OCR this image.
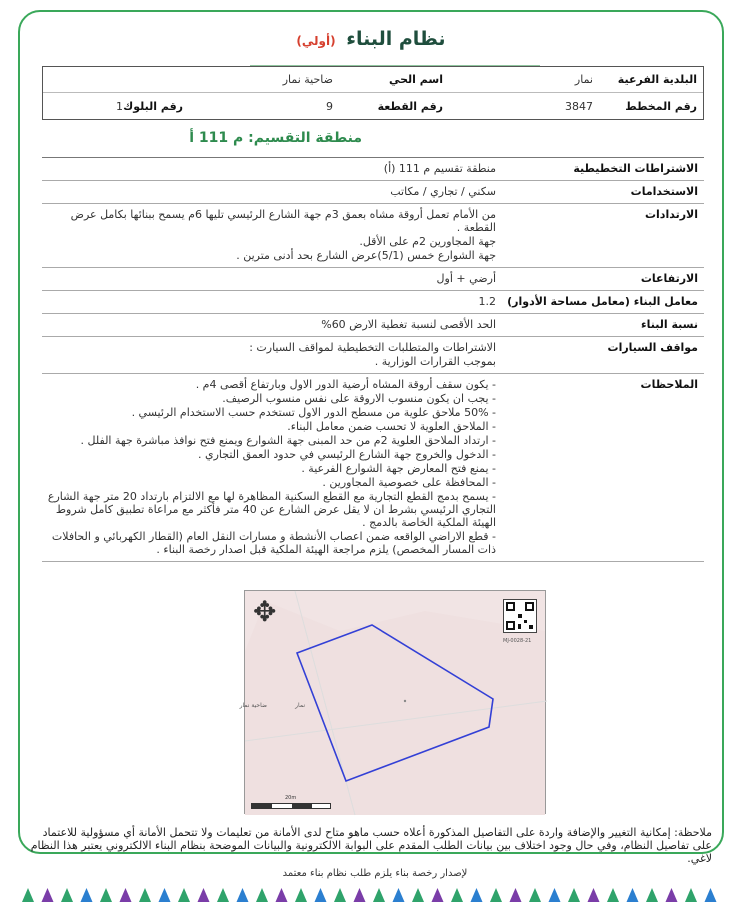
نظام البناء (أولي)
البلدية الفرعية
نمار
اسم الحي
ضاحية نمار
رقم المخطط
3847
رقم القطعة
9
رقم البلوك
1
منطقة التقسيم: م 111 أ
الاشتراطات التخطيطية
منطقة تقسيم م 111 (أ)
الاستخدامات
سكني / تجاري / مكاتب
الارتدادات
من الأمام تعمل أروقة مشاه بعمق 3م جهة الشارع الرئيسي تليها 6م يسمح ببنائها بكامل عرض القطعة .
جهة المجاورين 2م على الأقل.
جهة الشوارع خمس (5/1)عرض الشارع بحد أدنى مترين .
الارتفاعات
أرضي + أول
معامل البناء (معامل مساحة الأدوار)
1.2
نسبة البناء
الحد الأقصى لنسبة تغطية الارض 60%
مواقف السيارات
الاشتراطات والمتطلبات التخطيطية لمواقف السيارت :
بموجب القرارات الوزارية .
الملاحظات
- يكون سقف أروقة المشاه أرضية الدور الاول وبارتفاع أقصى 4م .
- يجب ان يكون منسوب الاروقة على نفس منسوب الرصيف.
- 50% ملاحق علوية من مسطح الدور الاول تستخدم حسب الاستخدام الرئيسي .
- الملاحق العلوية لا تحسب ضمن معامل البناء.
- ارتداد الملاحق العلوية 2م من حد المبنى جهة الشوارع ويمنع فتح نوافذ مباشرة جهة الفلل .
- الدخول والخروج جهة الشارع الرئيسي في حدود العمق التجاري .
- يمنع فتح المعارض جهة الشوارع الفرعية .
- المحافظة على خصوصية المجاورين .
- يسمح بدمج القطع التجارية مع القطع السكنية المظاهرة لها مع الالتزام بارتداد 20 متر جهة الشارع التجاري الرئيسي بشرط ان لا يقل عرض الشارع عن 40 متر فأكثر مع مراعاة تطبيق كامل شروط الهيئة الملكية الخاصة بالدمج .
- قطع الاراضي الواقعه ضمن اعصاب الأنشطة و مسارات النقل العام (القطار الكهربائي و الحافلات ذات المسار المخصص) يلزم مراجعة الهيئة الملكية قبل اصدار رخصة البناء .
ضاحية نمار	نمار
✥
21-MJ-0028
20m
ملاحظة: إمكانية التغيير والإضافة واردة على التفاصيل المذكورة أعلاه حسب ماهو متاح لدى الأمانة من تعليمات ولا تتحمل الأمانة أي مسؤولية للاعتماد على تفاصيل النظام، وفي حال وجود اختلاف بين بيانات الطلب المقدم على البوابة الالكترونية والبيانات الموضحة بنظام البناء الالكتروني يعتبر هذا النظام لاغي.
لإصدار رخصة بناء يلزم طلب نظام بناء معتمد
